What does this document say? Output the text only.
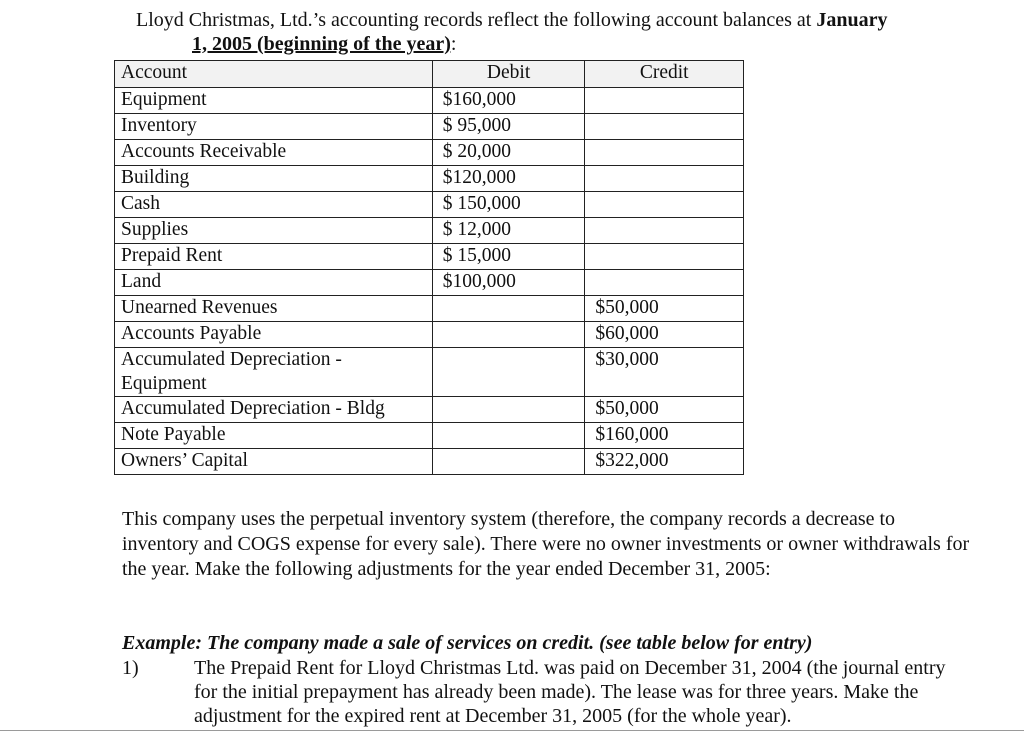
Lloyd Christmas, Ltd.’s accounting records reflect the following account balances at January
1, 2005 (beginning of the year):
Account	Debit	Credit
Equipment	$160,000	
Inventory	$ 95,000	
Accounts Receivable	$ 20,000	
Building	$120,000	
Cash	$ 150,000	
Supplies	$ 12,000	
Prepaid Rent	$ 15,000	
Land	$100,000	
Unearned Revenues		$50,000
Accounts Payable		$60,000
Accumulated Depreciation - Equipment		$30,000
Accumulated Depreciation - Bldg		$50,000
Note Payable		$160,000
Owners’ Capital		$322,000
This company uses the perpetual inventory system (therefore, the company records a decrease to inventory and COGS expense for every sale). There were no owner investments or owner withdrawals for the year. Make the following adjustments for the year ended December 31, 2005:
Example: The company made a sale of services on credit. (see table below for entry)
1)	The Prepaid Rent for Lloyd Christmas Ltd. was paid on December 31, 2004 (the journal entry for the initial prepayment has already been made). The lease was for three years. Make the adjustment for the expired rent at December 31, 2005 (for the whole year).
